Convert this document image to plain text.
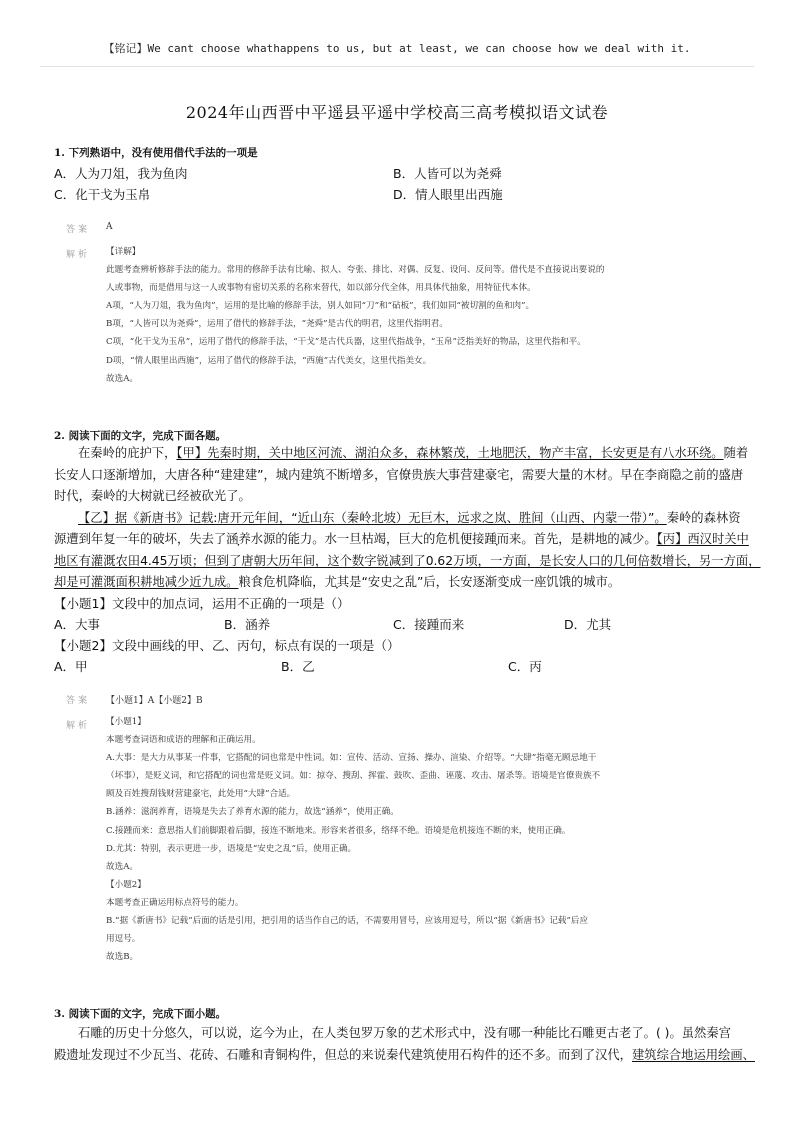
【铭记】We cant choose whathappens to us, but at least, we can choose how we deal with it.
2024年山西晋中平遥县平遥中学校高三高考模拟语文试卷
1. 下列熟语中，没有使用借代手法的一项是
A．人为刀俎，我为鱼肉	B．人皆可以为尧舜
C．化干戈为玉帛	D．情人眼里出西施
答案 A
解析 【详解】
此题考查辨析修辞手法的能力。常用的修辞手法有比喻、拟人、夸张、排比、对偶、反复、设问、反问等。借代是不直接说出要说的
人或事物，而是借用与这一人或事物有密切关系的名称来替代，如以部分代全体，用具体代抽象，用特征代本体。
A项，“人为刀俎，我为鱼肉”，运用的是比喻的修辞手法，别人如同“刀”和“砧板”，我们如同“被切割的鱼和肉”。
B项，“人皆可以为尧舜”，运用了借代的修辞手法，“尧舜”是古代的明君，这里代指明君。
C项，“化干戈为玉帛”，运用了借代的修辞手法，“干戈”是古代兵器，这里代指战争，“玉帛”泛指美好的物品，这里代指和平。
D项，“情人眼里出西施”，运用了借代的修辞手法，“西施”古代美女，这里代指美女。
故选A。
2. 阅读下面的文字，完成下面各题。
在秦岭的庇护下，【甲】先秦时期，关中地区河流、湖泊众多，森林繁茂，土地肥沃，物产丰富，长安更是有八水环绕。随着
长安人口逐渐增加，大唐各种“建建建”，城内建筑不断增多，官僚贵族大事营建豪宅，需要大量的木材。早在李商隐之前的盛唐
时代，秦岭的大树就已经被砍光了。
【乙】据《新唐书》记载:唐开元年间，“近山东（秦岭北坡）无巨木，远求之岚、胜间（山西、内蒙一带）”。秦岭的森林资
源遭到年复一年的破坏，失去了涵养水源的能力。水一旦枯竭，巨大的危机便接踵而来。首先，是耕地的减少。【丙】西汉时关中
地区有灌溉农田4.45万顷；但到了唐朝大历年间，这个数字锐减到了0.62万顷，一方面，是长安人口的几何倍数增长，另一方面，
却是可灌溉面积耕地减少近九成。粮食危机降临，尤其是“安史之乱”后，长安逐渐变成一座饥饿的城市。
【小题1】文段中的加点词，运用不正确的一项是（）
A．大事	B．涵养	C．接踵而来	D．尤其
【小题2】文段中画线的甲、乙、丙句，标点有误的一项是（）
A．甲	B．乙	C．丙
答案 【小题1】A【小题2】B
解析 【小题1】
本题考查词语和成语的理解和正确运用。
A.大事：是大力从事某一件事，它搭配的词也常是中性词。如：宣传、活动、宣扬、操办、渲染、介绍等。“大肆”指毫无顾忌地干
（坏事），是贬义词，和它搭配的词也常是贬义词。如：掠夺、搜刮、挥霍、鼓吹、歪曲、诬蔑、攻击、屠杀等。语境是官僚贵族不
顾及百姓搜刮钱财营建豪宅，此处用“大肆”合适。
B.涵养：滋润养育，语境是失去了养育水源的能力，故选“涵养”，使用正确。
C.接踵而来：意思指人们前脚跟着后脚，接连不断地来。形容来者很多，络绎不绝。语境是危机接连不断的来，使用正确。
D.尤其：特别，表示更进一步，语境是“安史之乱”后，使用正确。
故选A。
【小题2】
本题考查正确运用标点符号的能力。
B.“据《新唐书》记载”后面的话是引用，把引用的话当作自己的话，不需要用冒号，应该用逗号，所以“据《新唐书》记载”后应
用逗号。
故选B。
3. 阅读下面的文字，完成下面小题。
石雕的历史十分悠久，可以说，迄今为止，在人类包罗万象的艺术形式中，没有哪一种能比石雕更古老了。( )。虽然秦宫
殿遗址发现过不少瓦当、花砖、石雕和青铜构件，但总的来说秦代建筑使用石构件的还不多。而到了汉代，建筑综合地运用绘画、
